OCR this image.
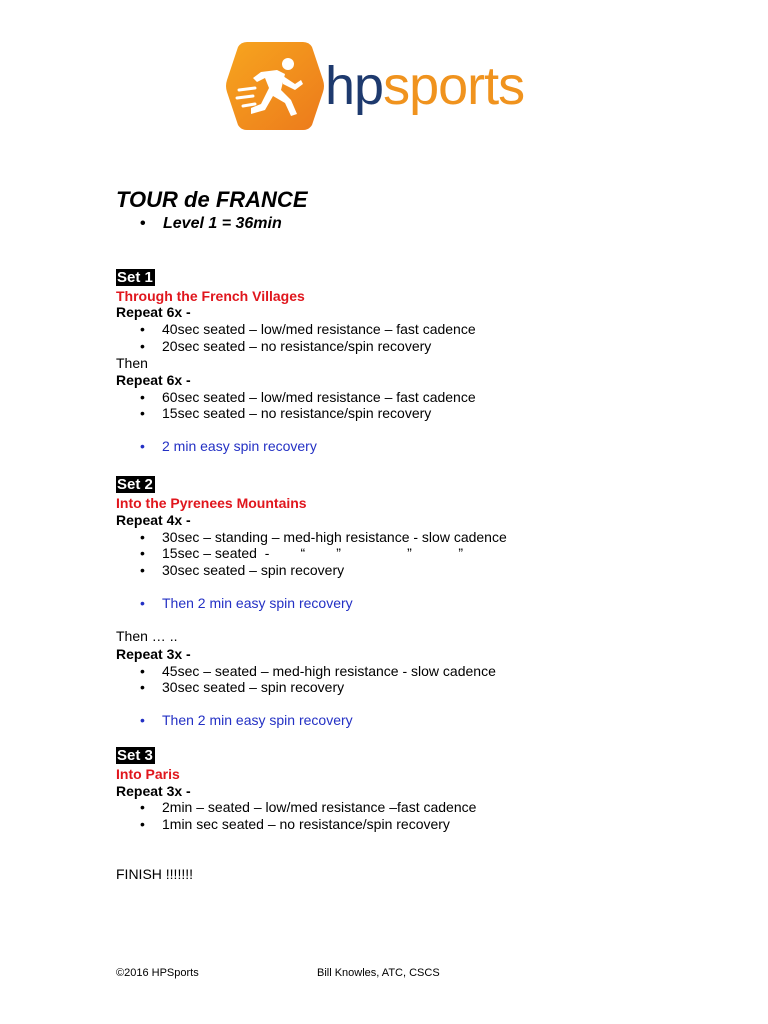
hpsports
TOUR de FRANCE
• Level 1 = 36min
Set 1
Through the French Villages
Repeat 6x -
• 40sec seated – low/med resistance – fast cadence
• 20sec seated – no resistance/spin recovery
Then
Repeat 6x -
• 60sec seated – low/med resistance – fast cadence
• 15sec seated – no resistance/spin recovery
• 2 min easy spin recovery
Set 2
Into the Pyrenees Mountains
Repeat 4x -
• 30sec – standing – med-high resistance - slow cadence
• 15sec – seated  -        “        ”                 ”            ”
• 30sec seated – spin recovery
• Then 2 min easy spin recovery
Then … ..
Repeat 3x -
• 45sec – seated – med-high resistance - slow cadence
• 30sec seated – spin recovery
• Then 2 min easy spin recovery
Set 3
Into Paris
Repeat 3x -
• 2min – seated – low/med resistance –fast cadence
• 1min sec seated – no resistance/spin recovery
FINISH !!!!!!!
©2016 HPSports	Bill Knowles, ATC, CSCS
